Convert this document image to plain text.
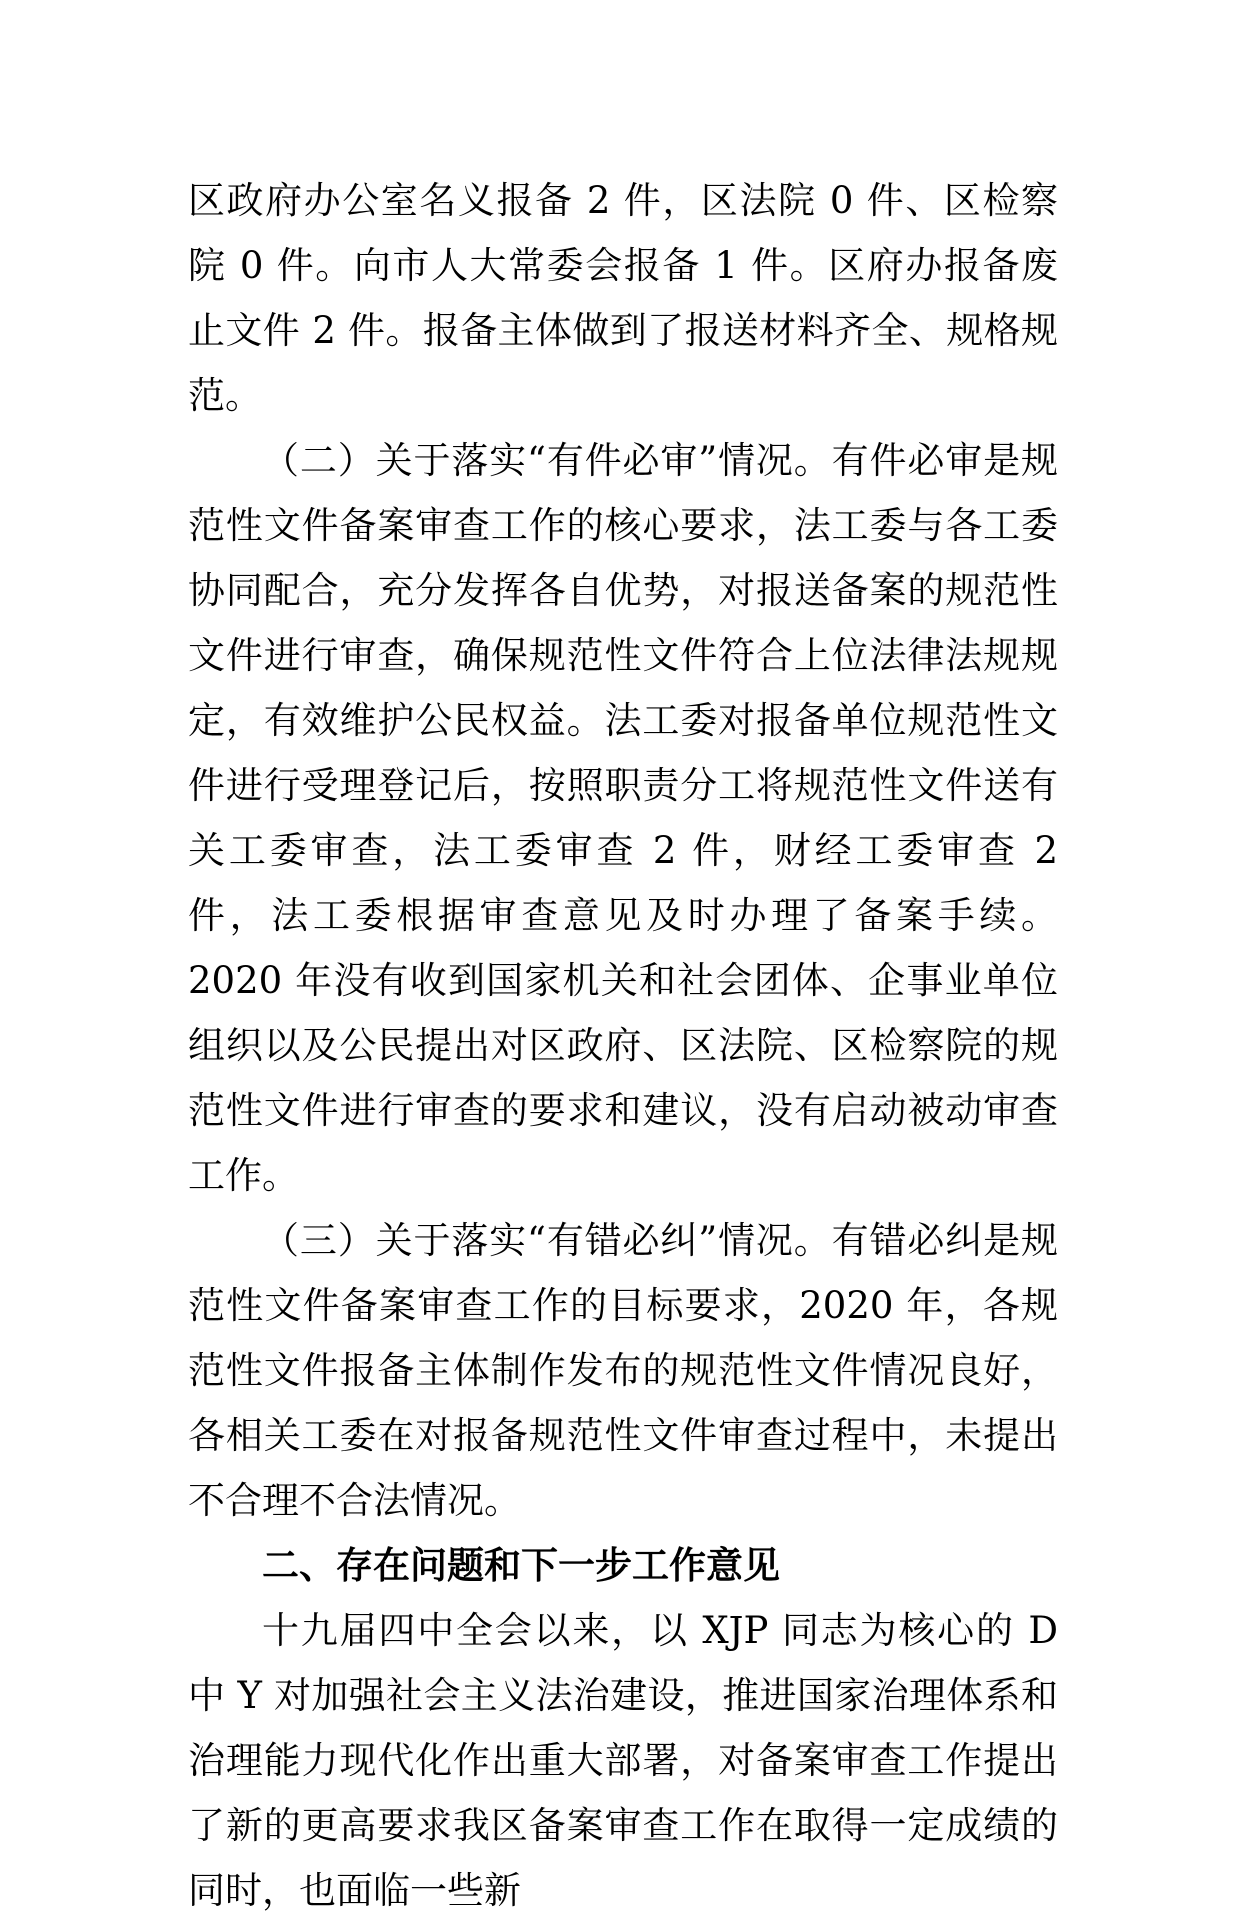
区政府办公室名义报备 2 件，区法院 0 件、区检察院 0 件。向市人大常委会报备 1 件。区府办报备废止文件 2 件。报备主体做到了报送材料齐全、规格规范。

（二）关于落实“有件必审”情况。有件必审是规范性文件备案审查工作的核心要求，法工委与各工委协同配合，充分发挥各自优势，对报送备案的规范性文件进行审查，确保规范性文件符合上位法律法规规定，有效维护公民权益。法工委对报备单位规范性文件进行受理登记后，按照职责分工将规范性文件送有关工委审查，法工委审查 2 件，财经工委审查 2 件，法工委根据审查意见及时办理了备案手续。2020 年没有收到国家机关和社会团体、企事业单位组织以及公民提出对区政府、区法院、区检察院的规范性文件进行审查的要求和建议，没有启动被动审查工作。

（三）关于落实“有错必纠”情况。有错必纠是规范性文件备案审查工作的目标要求，2020 年，各规范性文件报备主体制作发布的规范性文件情况良好，各相关工委在对报备规范性文件审查过程中，未提出不合理不合法情况。

二、存在问题和下一步工作意见

十九届四中全会以来，以 XJP 同志为核心的 D 中 Y 对加强社会主义法治建设，推进国家治理体系和治理能力现代化作出重大部署，对备案审查工作提出了新的更高要求我区备案审查工作在取得一定成绩的同时，也面临一些新
